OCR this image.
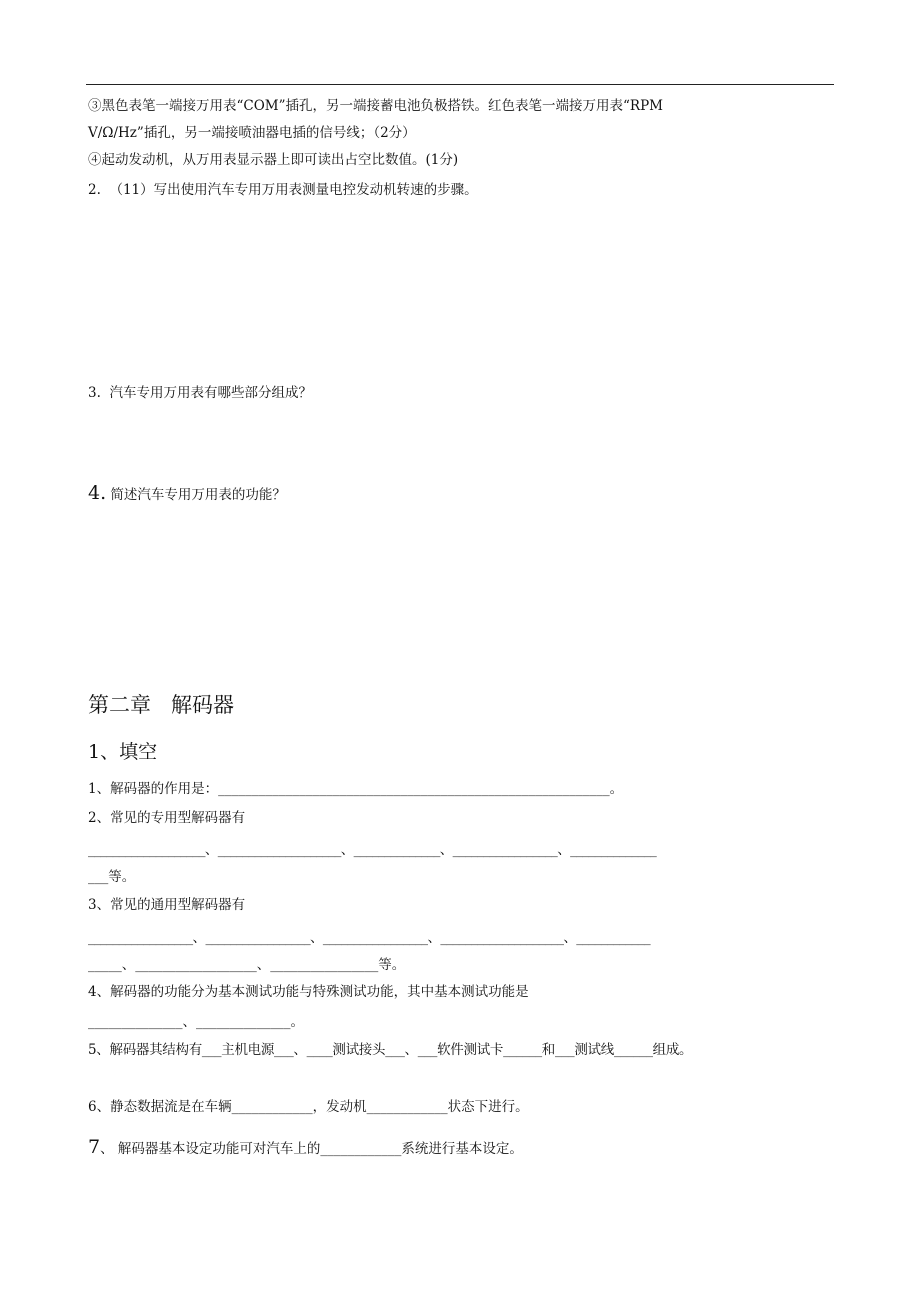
③黑色表笔一端接万用表“COM”插孔，另一端接蓄电池负极搭铁。红色表笔一端接万用表“RPM
V/Ω/Hz”插孔，另一端接喷油器电插的信号线；（2分）
④起动发动机，从万用表显示器上即可读出占空比数值。(1分)
2.  （11）写出使用汽车专用万用表测量电控发动机转速的步骤。
3.  汽车专用万用表有哪些部分组成？
4. 简述汽车专用万用表的功能？
第二章   解码器
1、填空
1、解码器的作用是：__________________________________________________________。
2、常见的专用型解码器有
___________________、____________________、______________、_________________、______________
___等。
3、常见的通用型解码器有
_________________、_________________、_________________、____________________、____________
_____、__________________、________________等。
4、解码器的功能分为基本测试功能与特殊测试功能，其中基本测试功能是
______________、______________。
5、解码器其结构有___主机电源___、____测试接头___、___软件测试卡______和___测试线______组成。
6、静态数据流是在车辆____________，发动机____________状态下进行。
7、 解码器基本设定功能可对汽车上的____________系统进行基本设定。
